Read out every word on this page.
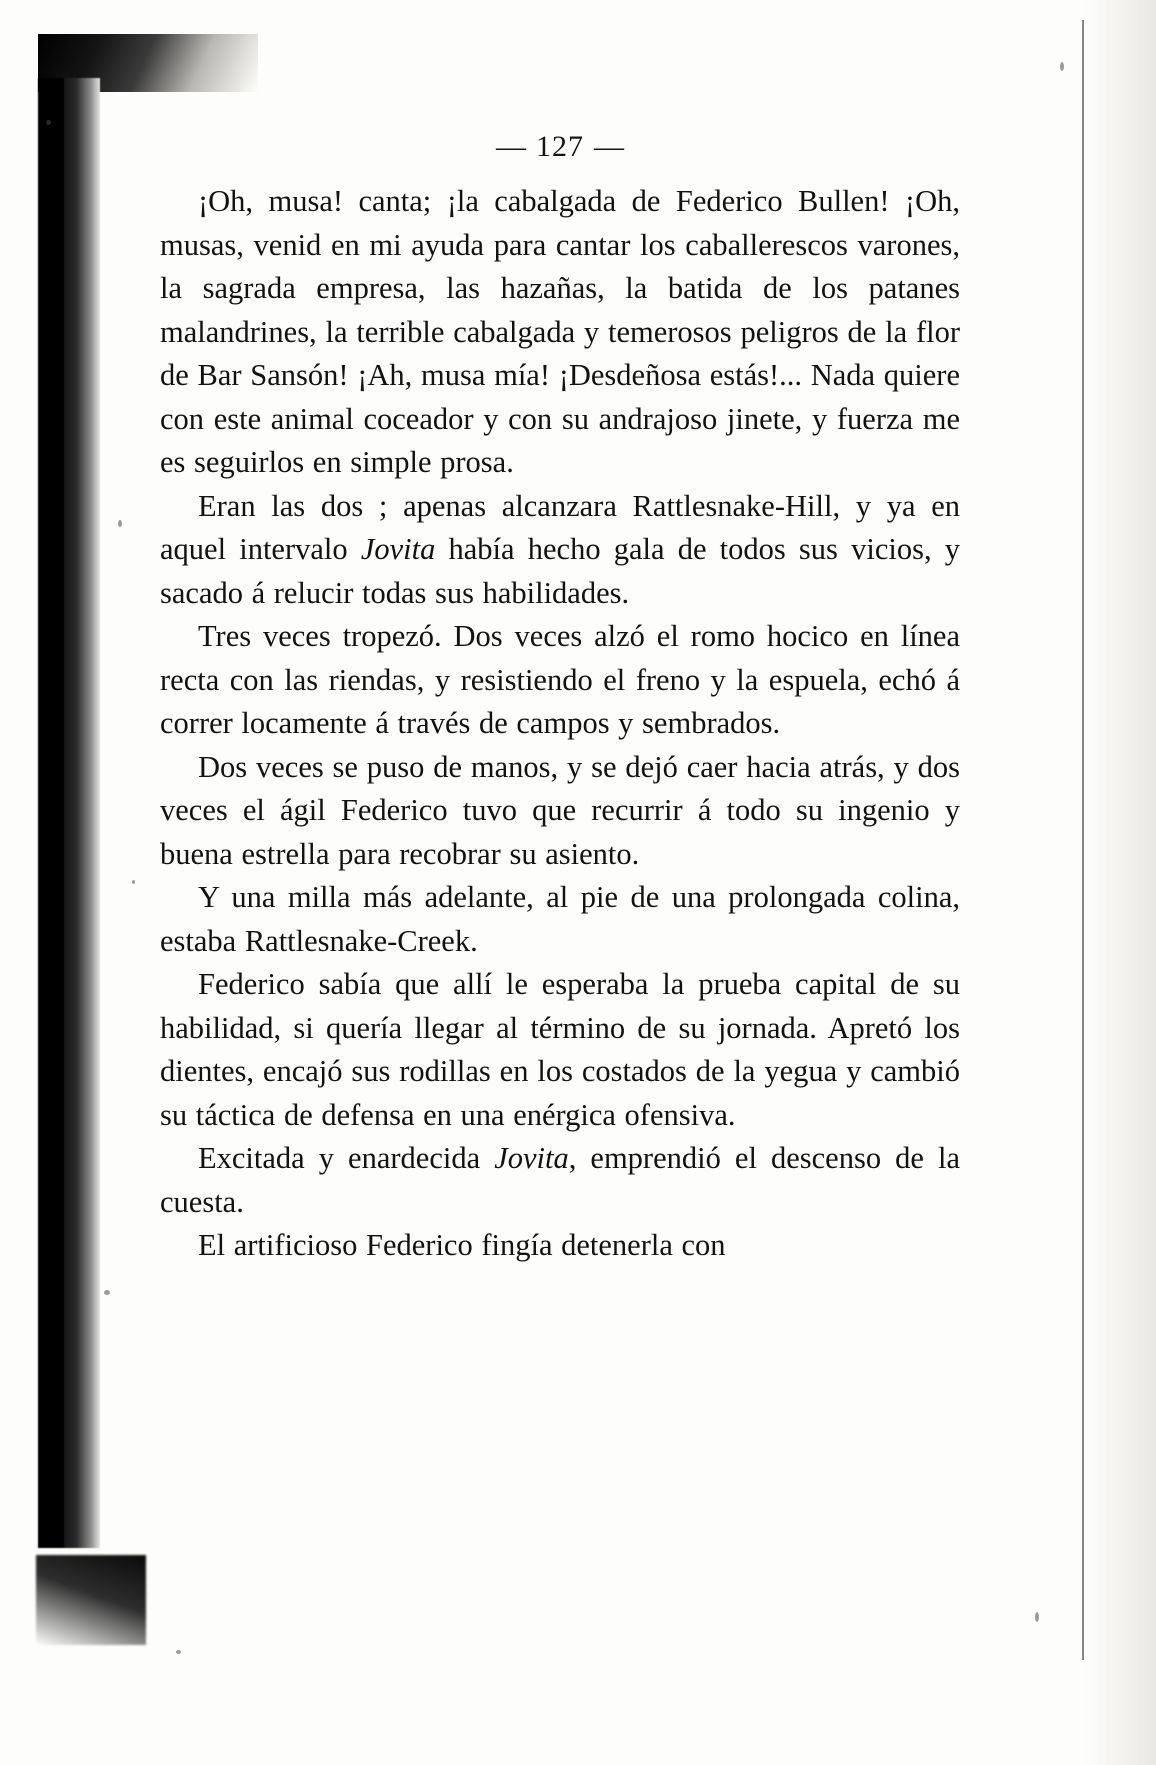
— 127 —

¡Oh, musa! canta; ¡la cabalgada de Federico Bullen! ¡Oh, musas, venid en mi ayuda para cantar los caballerescos varones, la sagrada empresa, las hazañas, la batida de los patanes malandrines, la terrible cabalgada y temerosos peligros de la flor de Bar Sansón! ¡Ah, musa mía! ¡Desdeñosa estás!... Nada quiere con este animal coceador y con su andrajoso jinete, y fuerza me es seguirlos en simple prosa.

Eran las dos ; apenas alcanzara Rattlesnake-Hill, y ya en aquel intervalo Jovita había hecho gala de todos sus vicios, y sacado á relucir todas sus habilidades.

Tres veces tropezó. Dos veces alzó el romo hocico en línea recta con las riendas, y resistiendo el freno y la espuela, echó á correr locamente á través de campos y sembrados.

Dos veces se puso de manos, y se dejó caer hacia atrás, y dos veces el ágil Federico tuvo que recurrir á todo su ingenio y buena estrella para recobrar su asiento.

Y una milla más adelante, al pie de una prolongada colina, estaba Rattlesnake-Creek.

Federico sabía que allí le esperaba la prueba capital de su habilidad, si quería llegar al término de su jornada. Apretó los dientes, encajó sus rodillas en los costados de la yegua y cambió su táctica de defensa en una enérgica ofensiva.

Excitada y enardecida Jovita, emprendió el descenso de la cuesta.

El artificioso Federico fingía detenerla con
